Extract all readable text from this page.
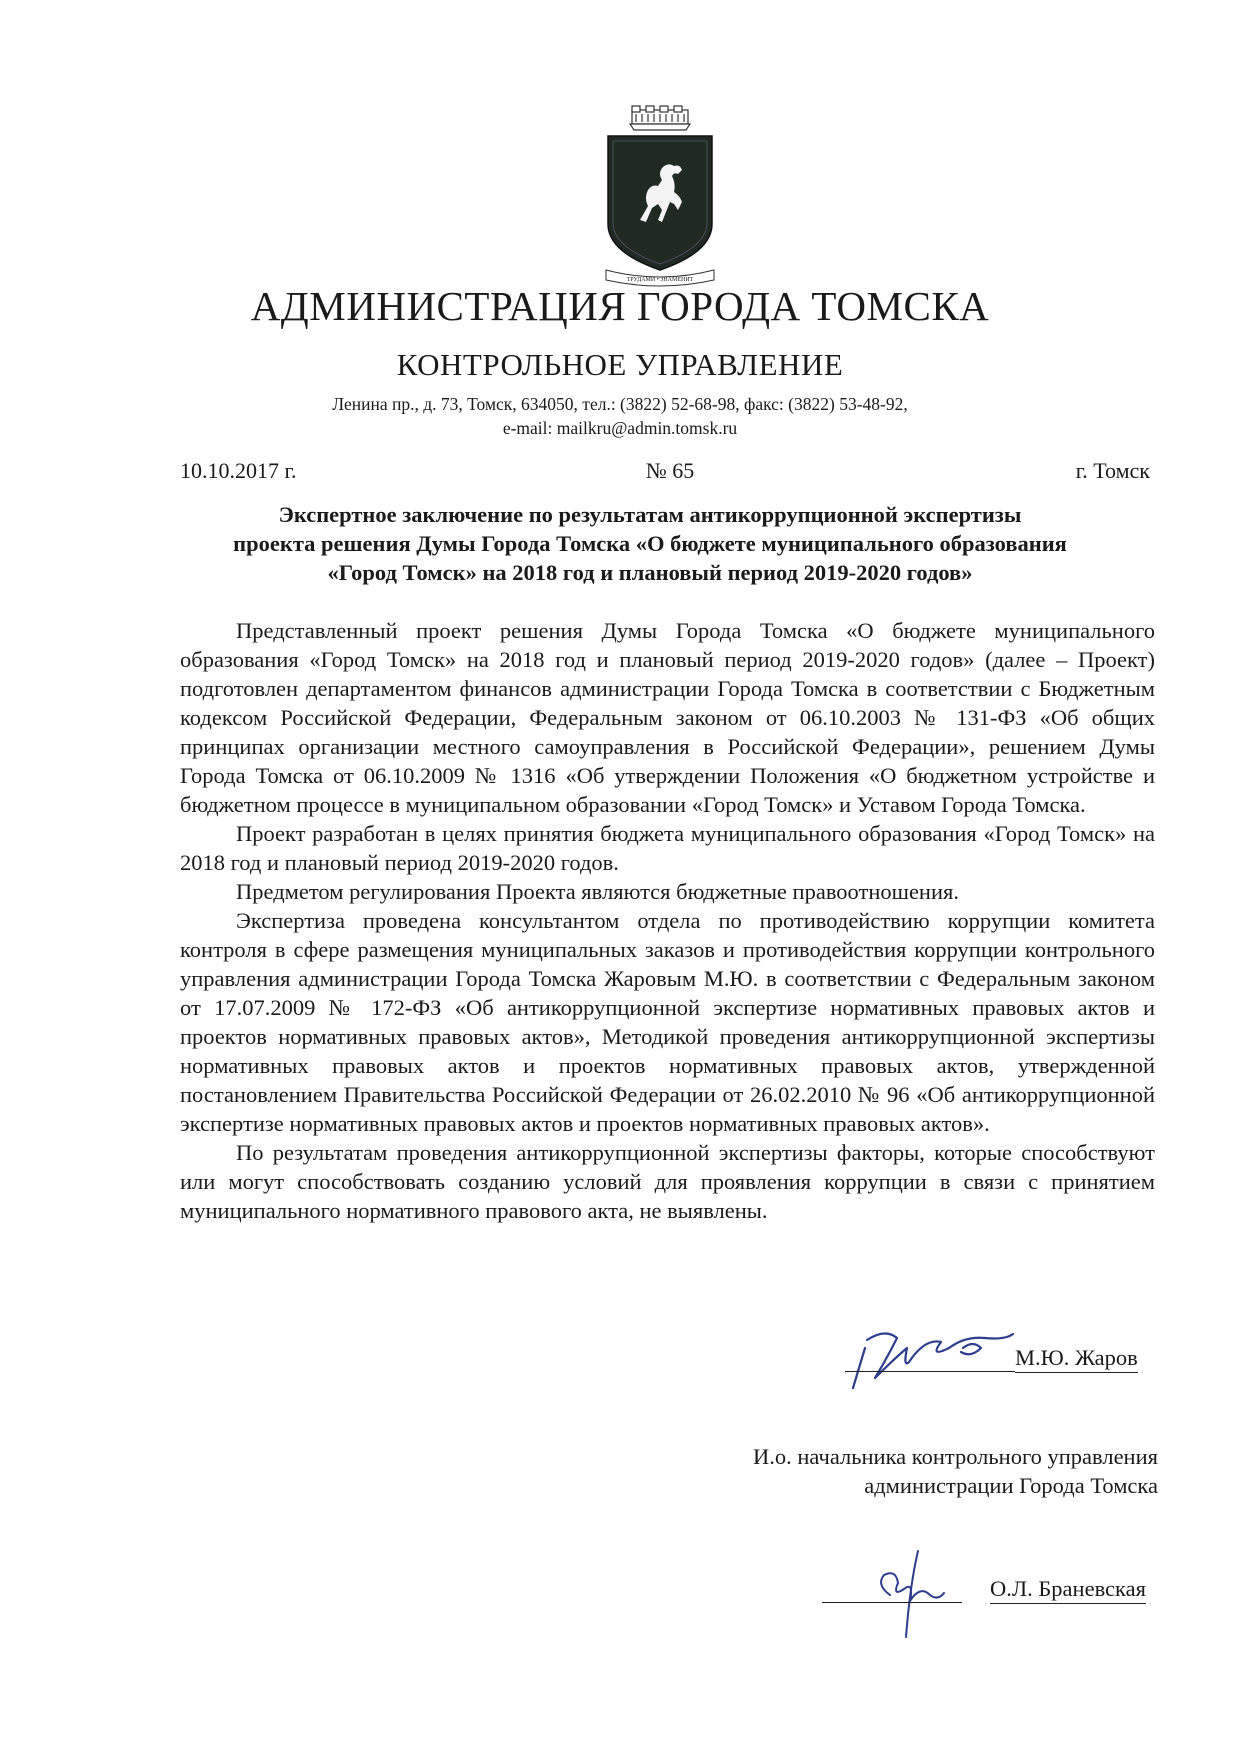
ТРУДАМИ • ЗНАМЕНИТ
АДМИНИСТРАЦИЯ ГОРОДА ТОМСКА
КОНТРОЛЬНОЕ УПРАВЛЕНИЕ
Ленина пр., д. 73, Томск, 634050, тел.: (3822) 52-68-98, факс: (3822) 53-48-92,
e-mail: mailkru@admin.tomsk.ru
10.10.2017 г.	№ 65	г. Томск
Экспертное заключение по результатам антикоррупционной экспертизы
проекта решения Думы Города Томска «О бюджете муниципального образования
«Город Томск» на 2018 год и плановый период 2019-2020 годов»

Представленный проект решения Думы Города Томска «О бюджете муниципального образования «Город Томск» на 2018 год и плановый период 2019-2020 годов» (далее – Проект) подготовлен департаментом финансов администрации Города Томска в соответствии с Бюджетным кодексом Российской Федерации, Федеральным законом от 06.10.2003 № 131-ФЗ «Об общих принципах организации местного самоуправления в Российской Федерации», решением Думы Города Томска от 06.10.2009 № 1316 «Об утверждении Положения «О бюджетном устройстве и бюджетном процессе в муниципальном образовании «Город Томск» и Уставом Города Томска.

Проект разработан в целях принятия бюджета муниципального образования «Город Томск» на 2018 год и плановый период 2019-2020 годов.

Предметом регулирования Проекта являются бюджетные правоотношения.

Экспертиза проведена консультантом отдела по противодействию коррупции комитета контроля в сфере размещения муниципальных заказов и противодействия коррупции контрольного управления администрации Города Томска Жаровым М.Ю. в соответствии с Федеральным законом от 17.07.2009 № 172-ФЗ «Об антикоррупционной экспертизе нормативных правовых актов и проектов нормативных правовых актов», Методикой проведения антикоррупционной экспертизы нормативных правовых актов и проектов нормативных правовых актов, утвержденной постановлением Правительства Российской Федерации от 26.02.2010 № 96 «Об антикоррупционной экспертизе нормативных правовых актов и проектов нормативных правовых актов».

По результатам проведения антикоррупционной экспертизы факторы, которые способствуют или могут способствовать созданию условий для проявления коррупции в связи с принятием муниципального нормативного правового акта, не выявлены.

М.Ю. Жаров
И.о. начальника контрольного управления
администрации Города Томска
О.Л. Браневская
